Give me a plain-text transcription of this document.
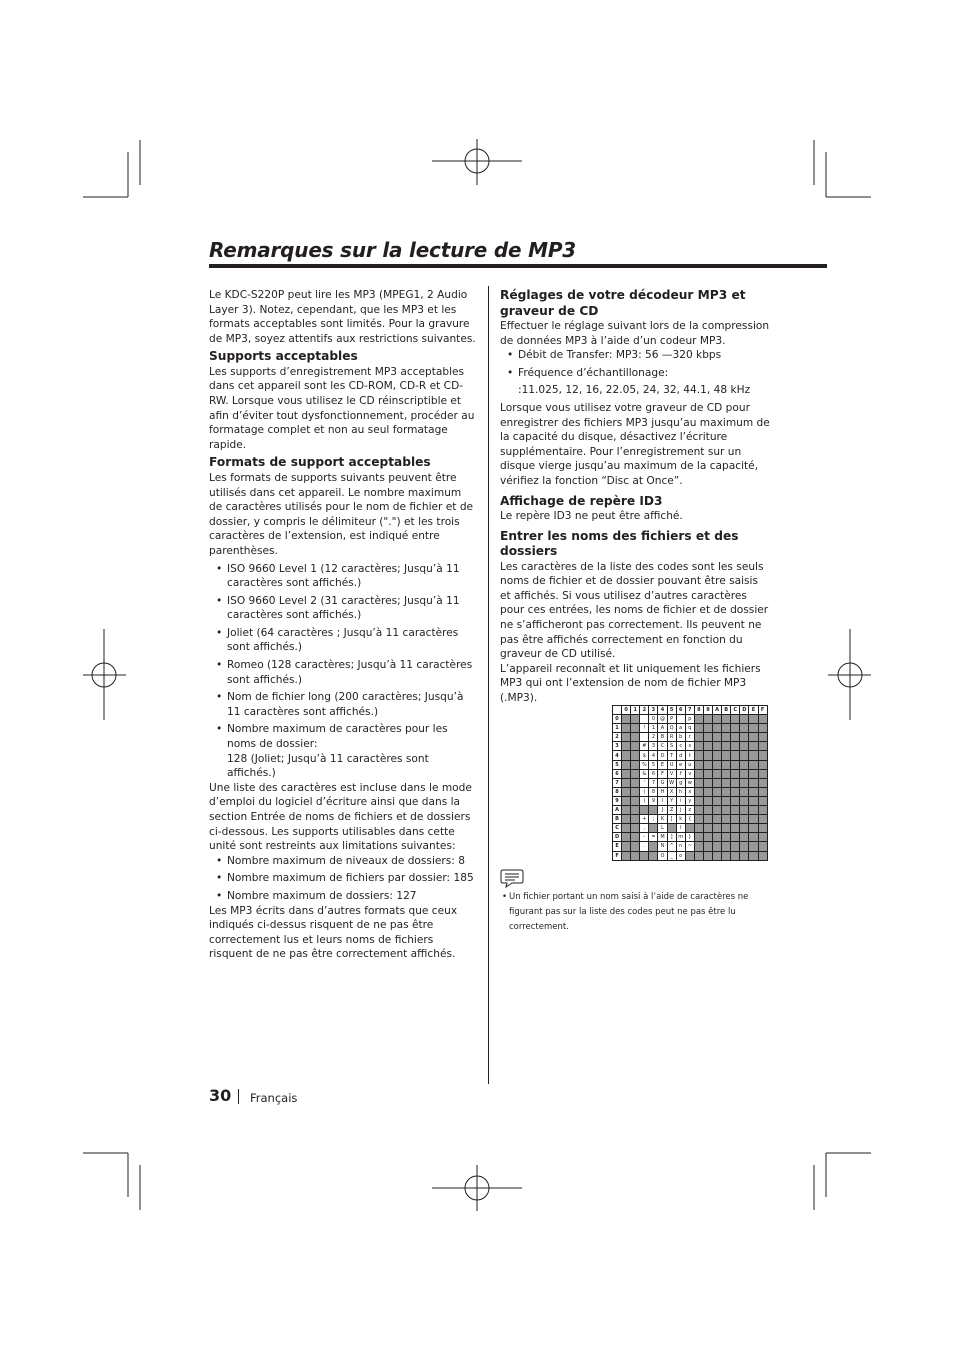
Remarques sur la lecture de MP3

Le KDC-S220P peut lire les MP3 (MPEG1, 2 Audio Layer 3). Notez, cependant, que les MP3 et les formats acceptables sont limités. Pour la gravure de MP3, soyez attentifs aux restrictions suivantes.

Supports acceptables

Les supports d’enregistrement MP3 acceptables dans cet appareil sont les CD-ROM, CD-R et CD-RW. Lorsque vous utilisez le CD réinscriptible et afin d’éviter tout dysfonctionnement, procéder au formatage complet et non au seul formatage rapide.

Formats de support acceptables

Les formats de supports suivants peuvent être utilisés dans cet appareil. Le nombre maximum de caractères utilisés pour le nom de fichier et de dossier, y compris le délimiteur (".") et les trois caractères de l’extension, est indiqué entre parenthèses.

• ISO 9660 Level 1 (12 caractères; Jusqu’à 11 caractères sont affichés.)
• ISO 9660 Level 2 (31 caractères; Jusqu’à 11 caractères sont affichés.)
• Joliet (64 caractères ; Jusqu’à 11 caractères sont affichés.)
• Romeo (128 caractères; Jusqu’à 11 caractères sont affichés.)
• Nom de fichier long (200 caractères; Jusqu’à 11 caractères sont affichés.)
• Nombre maximum de caractères pour les noms de dossier:

128 (Joliet; Jusqu’à 11 caractères sont affichés.)

Une liste des caractères est incluse dans le mode d’emploi du logiciel d’écriture ainsi que dans la section Entrée de noms de fichiers et de dossiers ci-dessous. Les supports utilisables dans cette unité sont restreints aux limitations suivantes:

• Nombre maximum de niveaux de dossiers: 8
• Nombre maximum de fichiers par dossier: 185
• Nombre maximum de dossiers: 127

Les MP3 écrits dans d’autres formats que ceux indiqués ci-dessus risquent de ne pas être correctement lus et leurs noms de fichiers risquent de ne pas être correctement affichés.

Réglages de votre décodeur MP3 et graveur de CD

Effectuer le réglage suivant lors de la compression de données MP3 à l’aide d’un codeur MP3.

• Débit de Transfer: MP3: 56 —320 kbps
• Fréquence d’échantillonage:

:11.025, 12, 16, 22.05, 24, 32, 44.1, 48 kHz

Lorsque vous utilisez votre graveur de CD pour enregistrer des fichiers MP3 jusqu’au maximum de la capacité du disque, désactivez l’écriture supplémentaire. Pour l’enregistrement sur un disque vierge jusqu’au maximum de la capacité, vérifiez la fonction “Disc at Once”.

Affichage de repère ID3

Le repère ID3 ne peut être affiché.

Entrer les noms des fichiers et des dossiers

Les caractères de la liste des codes sont les seuls noms de fichier et de dossier pouvant être saisis et affichés. Si vous utilisez d’autres caractères pour ces entrées, les noms de fichier et de dossier ne s’afficheront pas correctement. Ils peuvent ne pas être affichés correctement en fonction du graveur de CD utilisé.

L’appareil reconnaît et lit uniquement les fichiers MP3 qui ont l’extension de nom de fichier MP3 (.MP3).

	0	1	2	3	4	5	6	7	8	9	A	B	C	D	E	F
0				0	@	P		p								
1			!	1	A	Q	a	q								
2				2	B	R	b	r								
3			#	3	C	S	c	s								
4			$	4	D	T	d	t								
5			%	5	E	U	e	u								
6			&	6	F	V	f	v								
7			'	7	G	W	g	w								
8			(	8	H	X	h	x								
9			)	9	I	Y	i	y								
A					J	Z	j	z								
B			+	;	K	[	k	{								
C			,		L		l									
D			-	=	M	]	m	}								
E			.		N	^	n	~								
F					O	_	o									
• Un fichier portant un nom saisi à l’aide de caractères ne figurant pas sur la liste des codes peut ne pas être lu correctement.
30 Français
